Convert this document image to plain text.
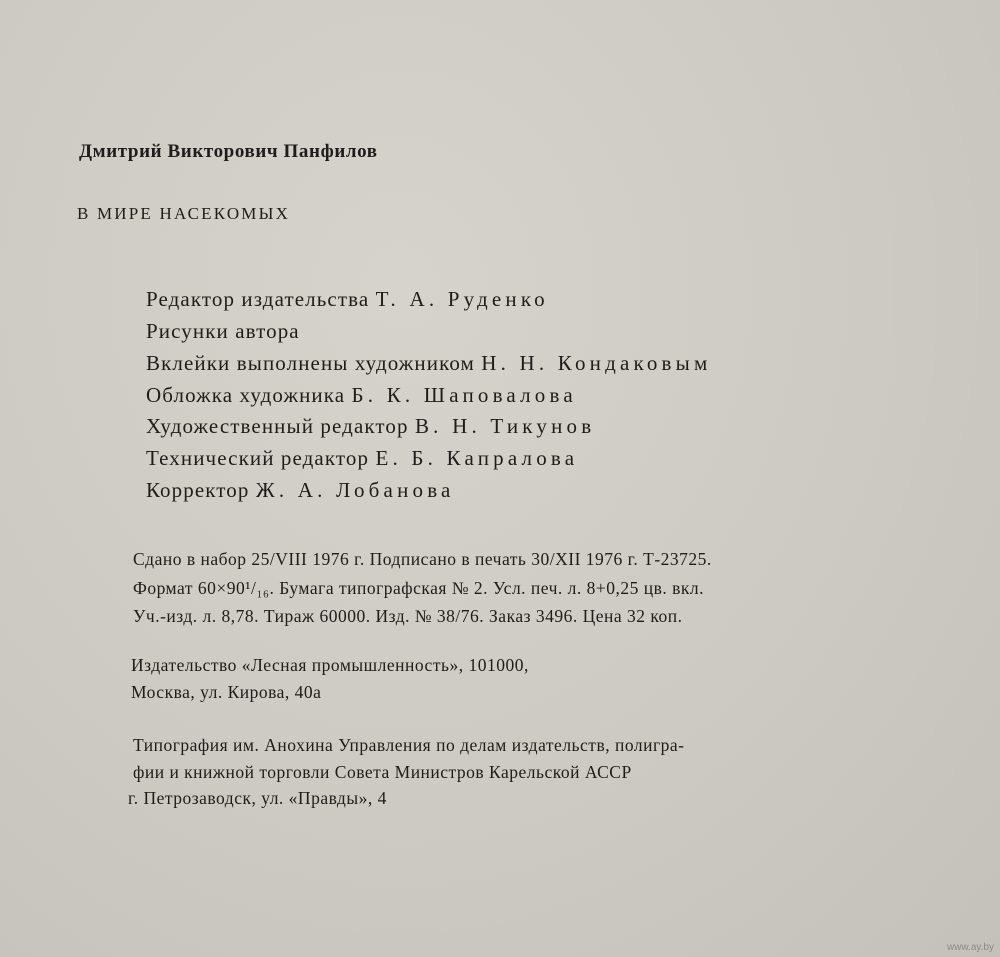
Дмитрий Викторович Панфилов
В МИРЕ НАСЕКОМЫХ
Редактор издательства Т. А. Руденко
Рисунки автора
Вклейки выполнены художником Н. Н. Кондаковым
Обложка художника Б. К. Шаповалова
Художественный редактор В. Н. Тикунов
Технический редактор Е. Б. Капралова
Корректор Ж. А. Лобанова
Сдано в набор 25/VIII 1976 г. Подписано в печать 30/XII 1976 г. Т-23725.
Формат 60×90¹/₁₆. Бумага типографская № 2. Усл. печ. л. 8+0,25 цв. вкл.
Уч.-изд. л. 8,78. Тираж 60000. Изд. № 38/76. Заказ 3496. Цена 32 коп.
Издательство «Лесная промышленность», 101000,
Москва, ул. Кирова, 40а
Типография им. Анохина Управления по делам издательств, полигра-
фии и книжной торговли Совета Министров Карельской АССР
г. Петрозаводск, ул. «Правды», 4
www.ay.by
